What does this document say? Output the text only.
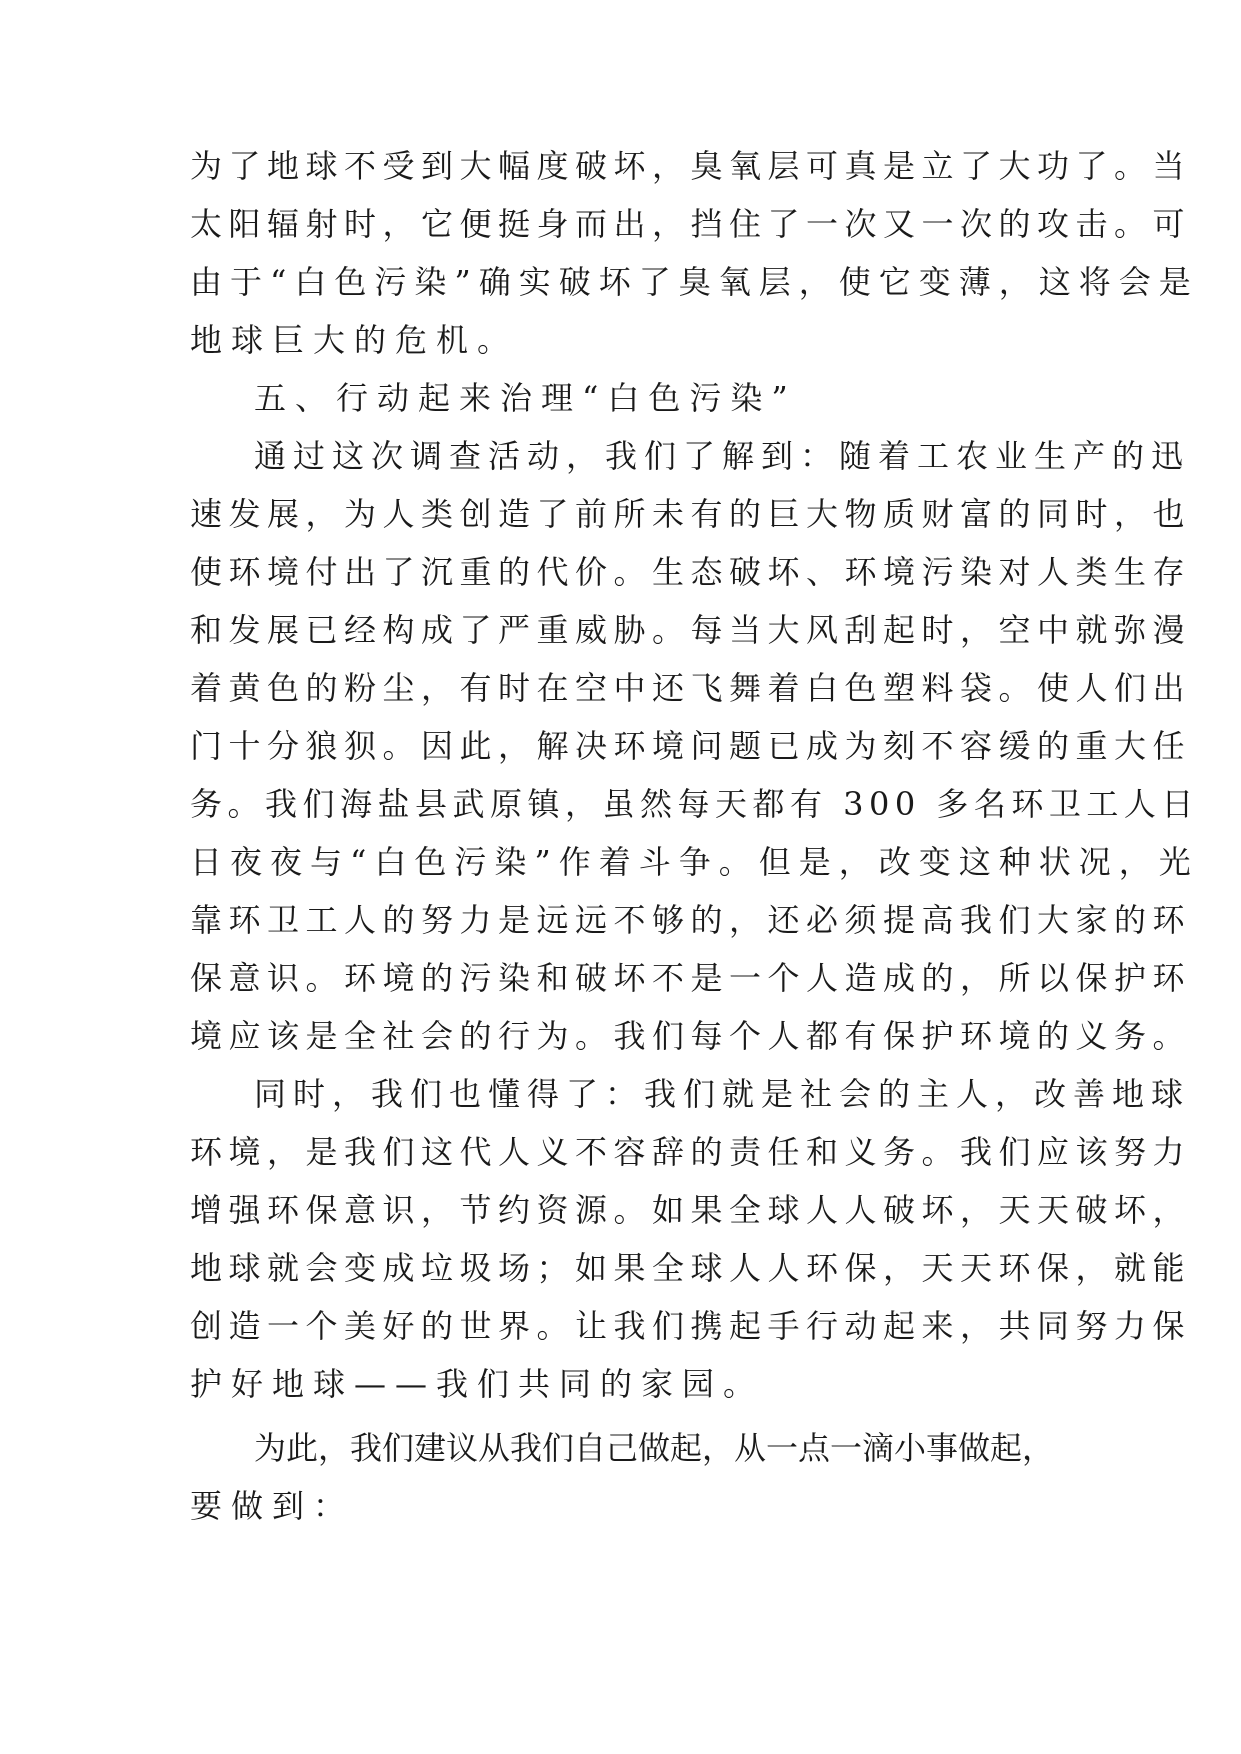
为了地球不受到大幅度破坏，臭氧层可真是立了大功了。当
太阳辐射时，它便挺身而出，挡住了一次又一次的攻击。可
由于“白色污染”确实破坏了臭氧层，使它变薄，这将会是
地球巨大的危机。
五、行动起来治理“白色污染”
通过这次调查活动，我们了解到：随着工农业生产的迅
速发展，为人类创造了前所未有的巨大物质财富的同时，也
使环境付出了沉重的代价。生态破坏、环境污染对人类生存
和发展已经构成了严重威胁。每当大风刮起时，空中就弥漫
着黄色的粉尘，有时在空中还飞舞着白色塑料袋。使人们出
门十分狼狈。因此，解决环境问题已成为刻不容缓的重大任
务。我们海盐县武原镇，虽然每天都有 300 多名环卫工人日
日夜夜与“白色污染”作着斗争。但是，改变这种状况，光
靠环卫工人的努力是远远不够的，还必须提高我们大家的环
保意识。环境的污染和破坏不是一个人造成的，所以保护环
境应该是全社会的行为。我们每个人都有保护环境的义务。
同时，我们也懂得了：我们就是社会的主人，改善地球
环境，是我们这代人义不容辞的责任和义务。我们应该努力
增强环保意识，节约资源。如果全球人人破坏，天天破坏，
地球就会变成垃圾场；如果全球人人环保，天天环保，就能
创造一个美好的世界。让我们携起手行动起来，共同努力保
护好地球——我们共同的家园。
为此，我们建议从我们自己做起，从一点一滴小事做起，
要做到：
